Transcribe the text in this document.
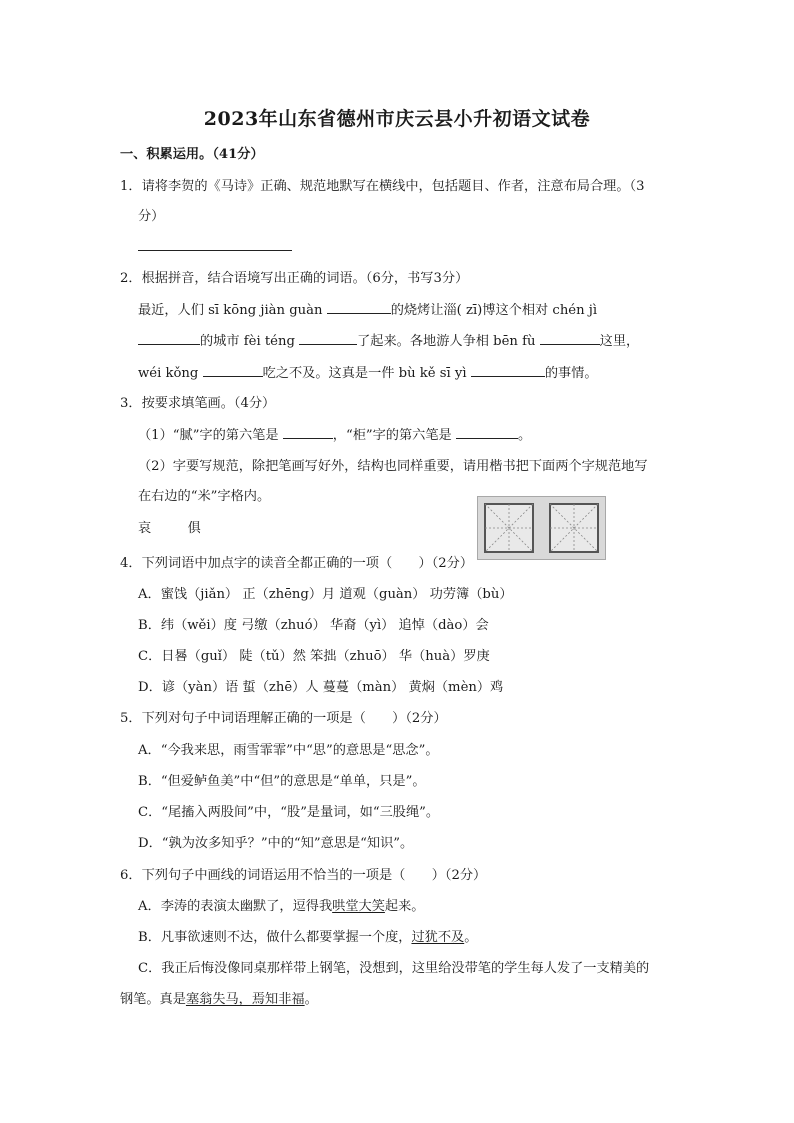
2023年山东省德州市庆云县小升初语文试卷
一、积累运用。（41分）
1．请将李贺的《马诗》正确、规范地默写在横线中，包括题目、作者，注意布局合理。（3
分）
2．根据拼音，结合语境写出正确的词语。（6分，书写3分）
最近，人们 sī kōng jiàn guàn	的烧烤让淄( zī)博这个相对 chén jì
的城市 fèi téng	了起来。各地游人争相 bēn fù	这里，
wéi kǒng	吃之不及。这真是一件 bù kě sī yì	的事情。
3．按要求填笔画。（4分）
（1）“腻”字的第六笔是	，“柜”字的第六笔是	。
（2）字要写规范，除把笔画写好外，结构也同样重要，请用楷书把下面两个字规范地写
在右边的“米”字格内。
哀	俱
4．下列词语中加点字的读音全都正确的一项（　　）（2分）
A．蜜饯（jiǎn） 正（zhēng）月 道观（guàn） 功劳簿（bù）
B．纬（wěi）度 弓缴（zhuó） 华裔（yì） 追悼（dào）会
C．日晷（guǐ） 陡（tǔ）然 笨拙（zhuō） 华（huà）罗庚
D．谚（yàn）语 蜇（zhē）人 蔓蔓（màn） 黄焖（mèn）鸡
5．下列对句子中词语理解正确的一项是（　　）（2分）
A．“今我来思，雨雪霏霏”中“思”的意思是“思念”。
B．“但爱鲈鱼美”中“但”的意思是“单单，只是”。
C．“尾搐入两股间”中，“股”是量词，如“三股绳”。
D．“孰为汝多知乎？”中的“知”意思是“知识”。
6．下列句子中画线的词语运用不恰当的一项是（　　）（2分）
A．李涛的表演太幽默了，逗得我哄堂大笑起来。
B．凡事欲速则不达，做什么都要掌握一个度，过犹不及。
C．我正后悔没像同桌那样带上钢笔，没想到，这里给没带笔的学生每人发了一支精美的
钢笔。真是塞翁失马，焉知非福。
